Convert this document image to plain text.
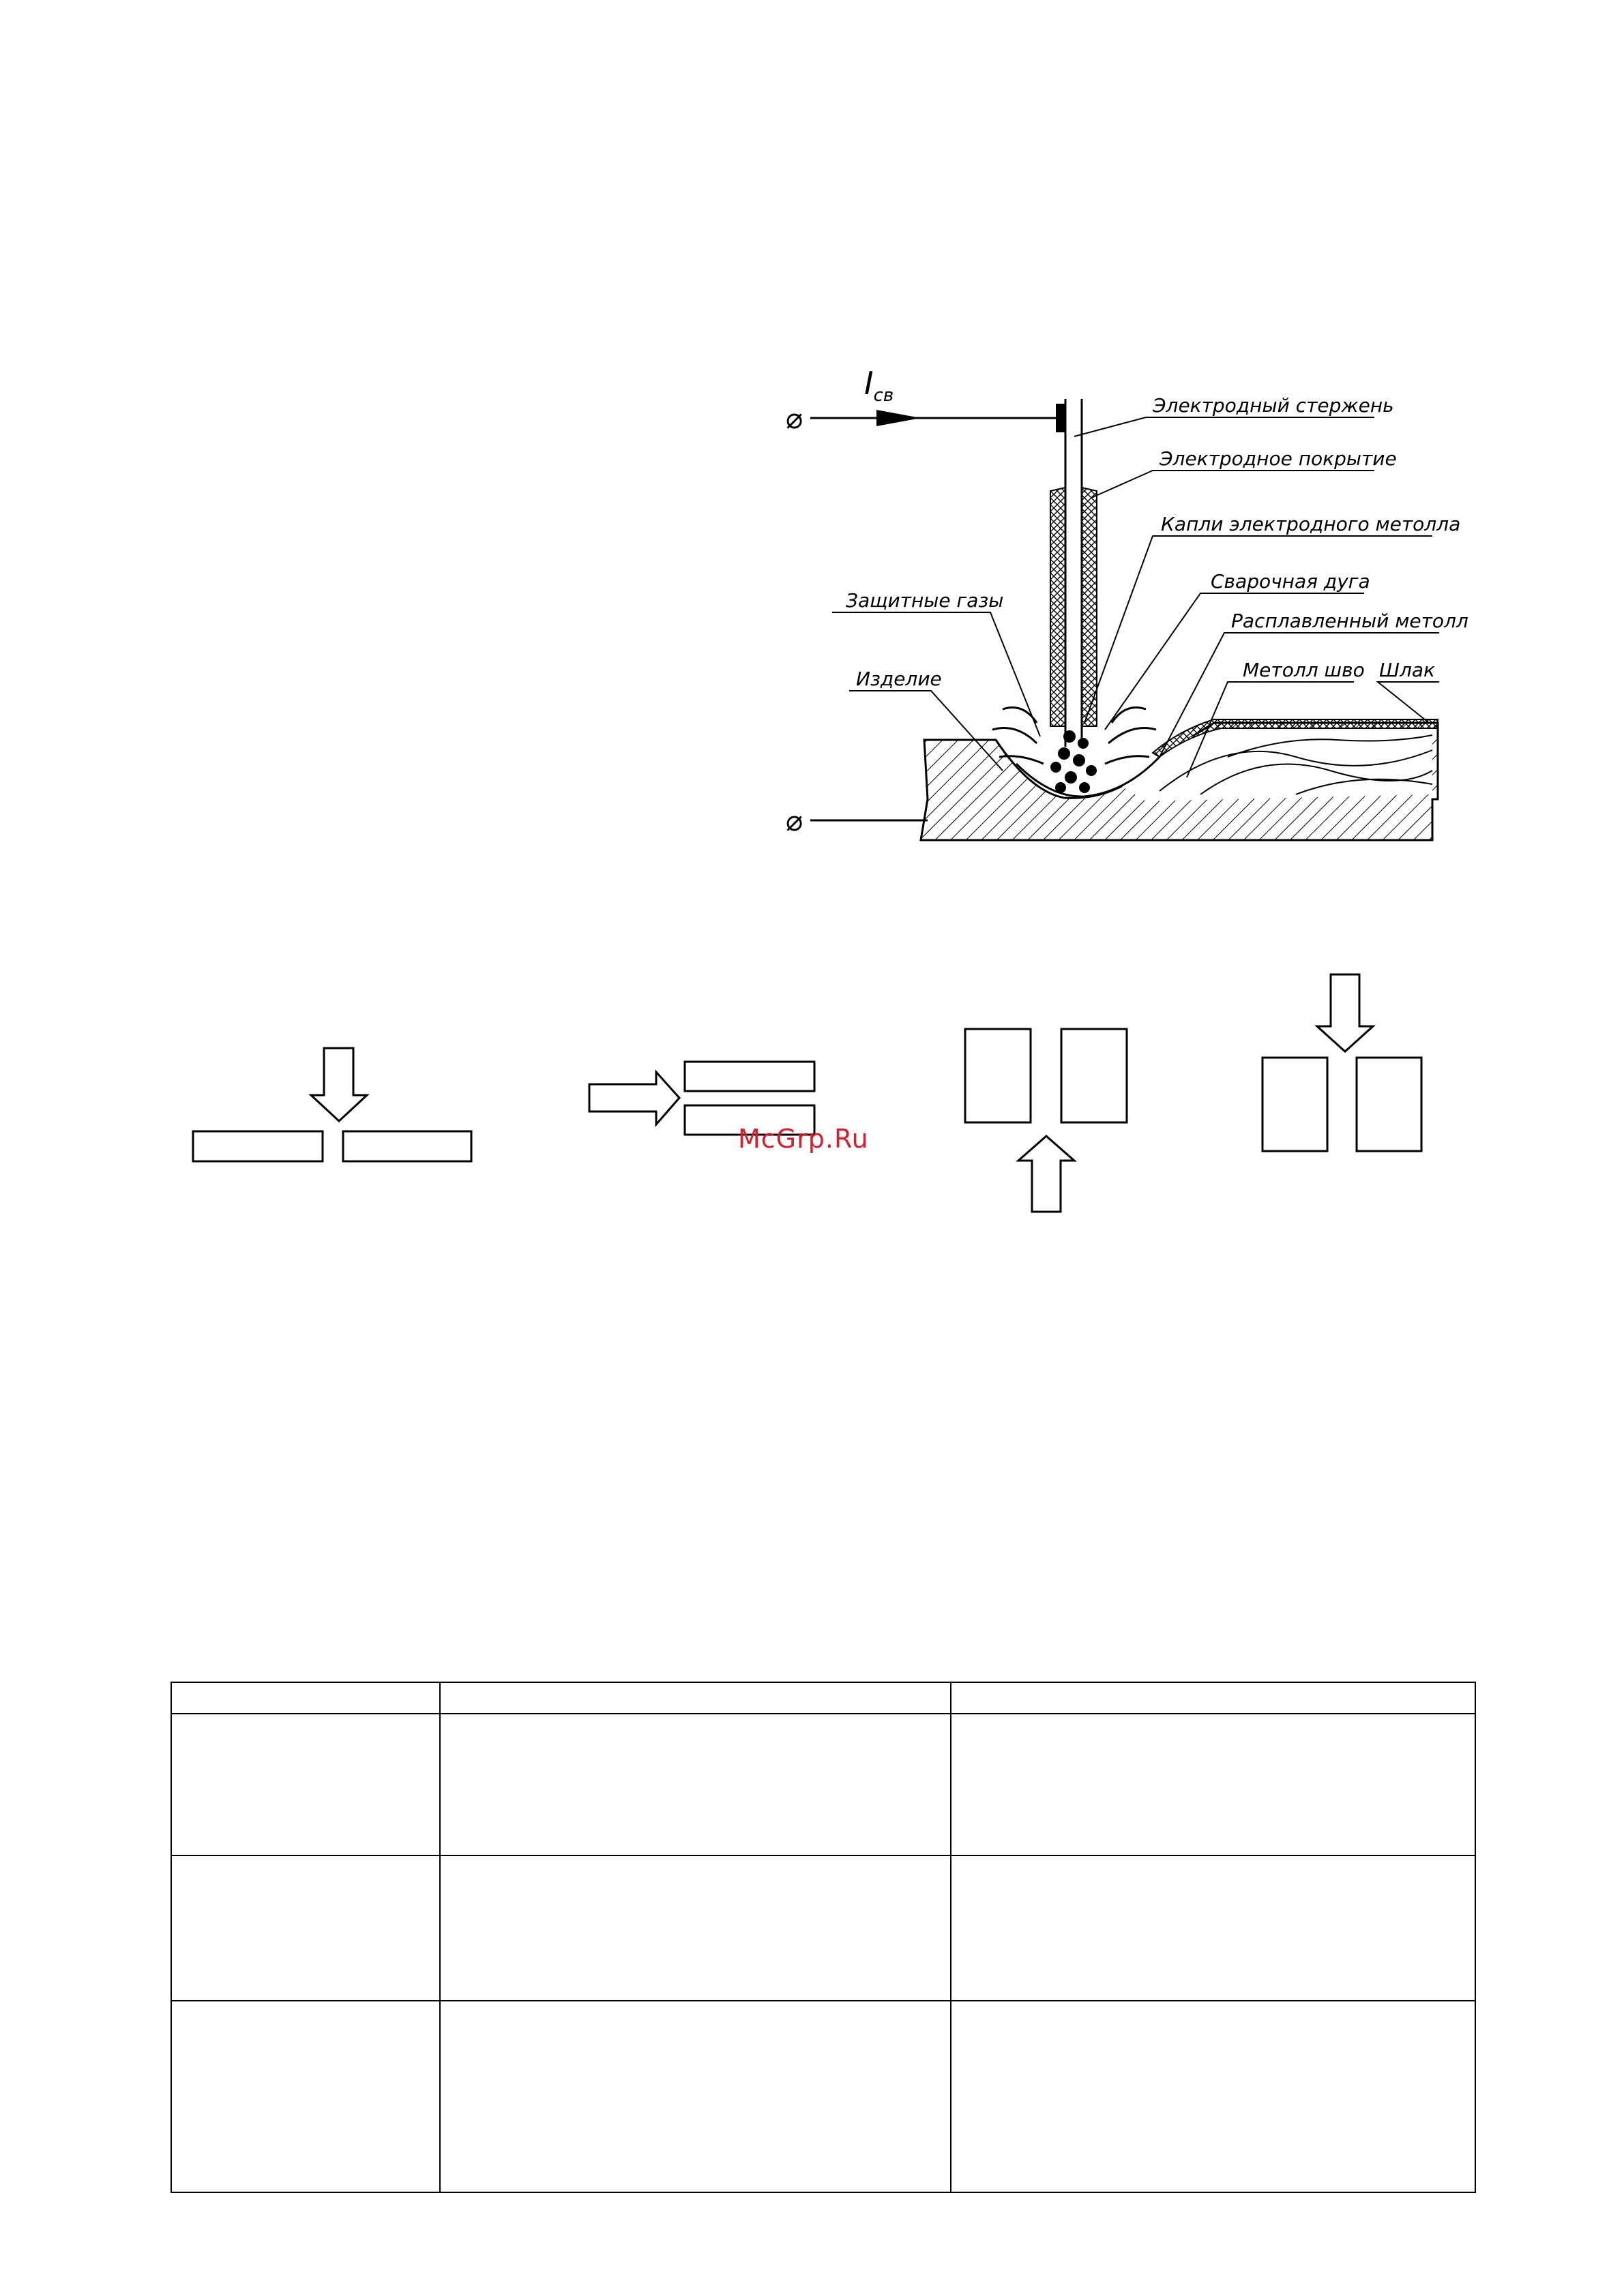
⌀
$I_{св}$
⌀
Электродный стержень
Электродное покрытие
Капли электродного метолла
Сварочная дуга
Расплавленный метолл
Метолл шво Шлак
Защитные газы
Изделие
McGrp.Ru
